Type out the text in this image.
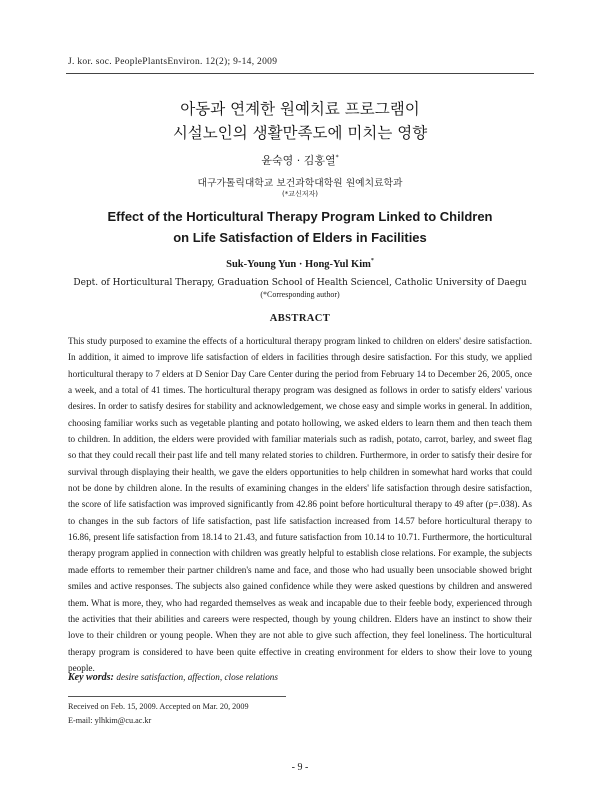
J. kor. soc. PeoplePlantsEnviron. 12(2); 9-14, 2009
아동과 연계한 원예치료 프로그램이
시설노인의 생활만족도에 미치는 영향
윤숙영 · 김홍열*
대구가톨릭대학교 보건과학대학원 원예치료학과
(*교신저자)
Effect of the Horticultural Therapy Program Linked to Children
on Life Satisfaction of Elders in Facilities
Suk-Young Yun · Hong-Yul Kim*
Dept. of Horticultural Therapy, Graduation School of Health Sciencel, Catholic University of Daegu
(*Corresponding author)
ABSTRACT

This study purposed to examine the effects of a horticultural therapy program linked to children on elders' desire satisfaction. In addition, it aimed to improve life satisfaction of elders in facilities through desire satisfaction. For this study, we applied horticultural therapy to 7 elders at D Senior Day Care Center during the period from February 14 to December 26, 2005, once a week, and a total of 41 times. The horticultural therapy program was designed as follows in order to satisfy elders' various desires. In order to satisfy desires for stability and acknowledgement, we chose easy and simple works in general. In addition, choosing familiar works such as vegetable planting and potato hollowing, we asked elders to learn them and then teach them to children. In addition, the elders were provided with familiar materials such as radish, potato, carrot, barley, and sweet flag so that they could recall their past life and tell many related stories to children. Furthermore, in order to satisfy their desire for survival through displaying their health, we gave the elders opportunities to help children in somewhat hard works that could not be done by children alone. In the results of examining changes in the elders' life satisfaction through desire satisfaction, the score of life satisfaction was improved significantly from 42.86 point before horticultural therapy to 49 after (p=.038). As to changes in the sub factors of life satisfaction, past life satisfaction increased from 14.57 before horticultural therapy to 16.86, present life satisfaction from 18.14 to 21.43, and future satisfaction from 10.14 to 10.71. Furthermore, the horticultural therapy program applied in connection with children was greatly helpful to establish close relations. For example, the subjects made efforts to remember their partner children's name and face, and those who had usually been unsociable showed bright smiles and active responses. The subjects also gained confidence while they were asked questions by children and answered them. What is more, they, who had regarded themselves as weak and incapable due to their feeble body, experienced through the activities that their abilities and careers were respected, though by young children. Elders have an instinct to show their love to their children or young people. When they are not able to give such affection, they feel loneliness. The horticultural therapy program is considered to have been quite effective in creating environment for elders to show their love to young people.

Key words: desire satisfaction, affection, close relations
Received on Feb. 15, 2009. Accepted on Mar. 20, 2009
E-mail: ylhkim@cu.ac.kr
- 9 -
